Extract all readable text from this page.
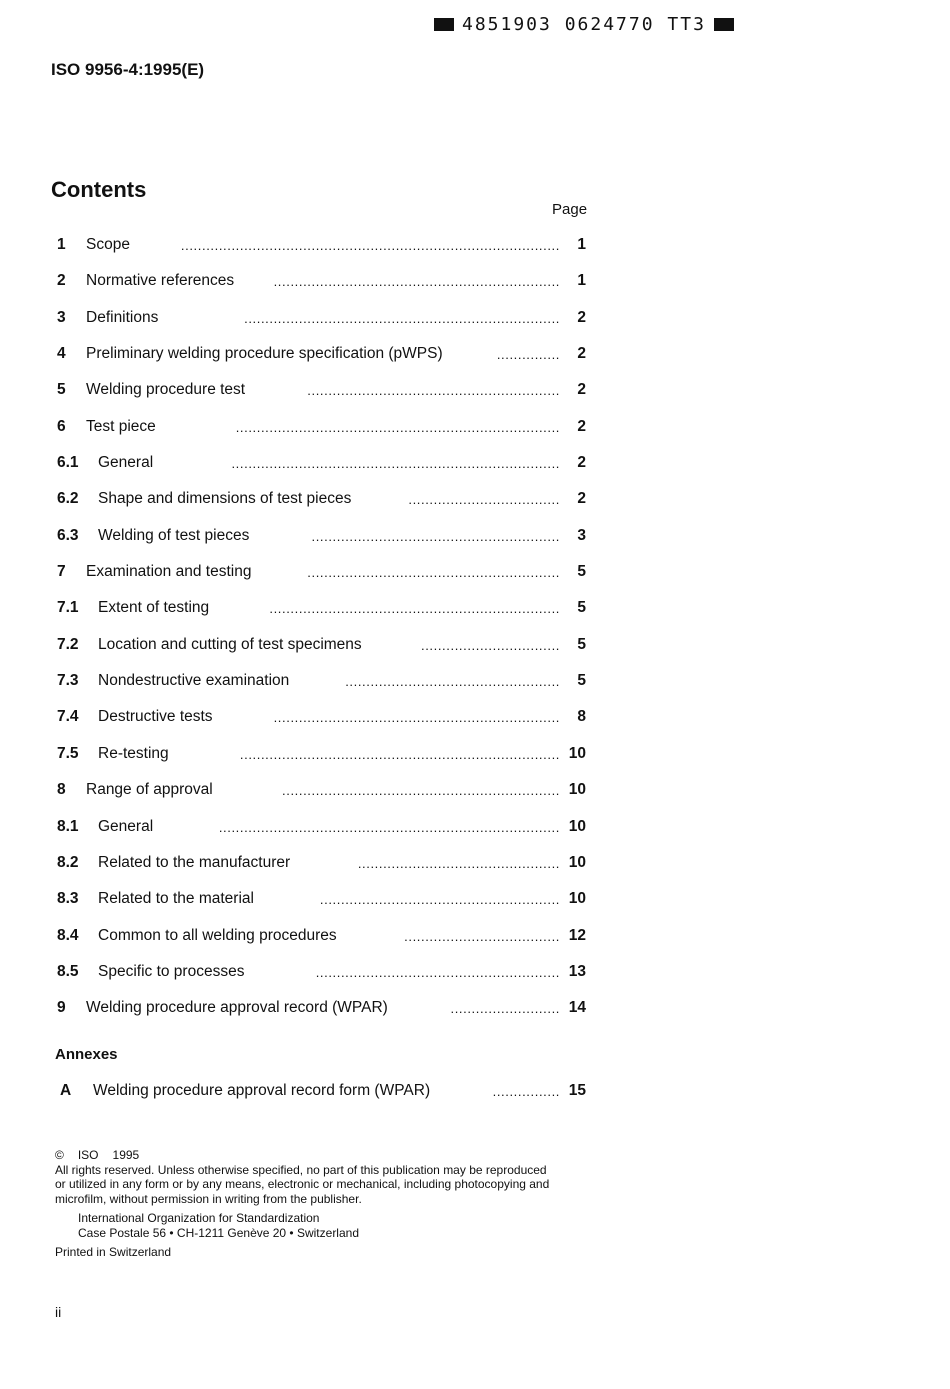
4851903 0624770 TT3
ISO 9956-4:1995(E)
Contents
Page
1 Scope	..........................................................................................	1
2 Normative references	....................................................................	1
3 Definitions	...........................................................................	2
4 Preliminary welding procedure specification (pWPS)	...............	2
5 Welding procedure test	............................................................	2
6 Test piece	.............................................................................	2
6.1 General	..............................................................................	2
6.2 Shape and dimensions of test pieces	....................................	2
6.3 Welding of test pieces	...........................................................	3
7 Examination and testing	............................................................	5
7.1 Extent of testing	.....................................................................	5
7.2 Location and cutting of test specimens	.................................	5
7.3 Nondestructive examination	...................................................	5
7.4 Destructive tests	....................................................................	8
7.5 Re-testing	............................................................................ 10
8 Range of approval	.................................................................. 10
8.1 General	................................................................................. 10
8.2 Related to the manufacturer	................................................ 10
8.3 Related to the material	......................................................... 10
8.4 Common to all welding procedures	..................................... 12
8.5 Specific to processes	.......................................................... 13
9 Welding procedure approval record (WPAR)	.......................... 14
Annexes
A Welding procedure approval record form (WPAR)	................ 15

© ISO 1995

All rights reserved. Unless otherwise specified, no part of this publication may be reproduced

or utilized in any form or by any means, electronic or mechanical, including photocopying and

microfilm, without permission in writing from the publisher.

International Organization for Standardization

Case Postale 56 • CH-1211 Genève 20 • Switzerland

Printed in Switzerland

ii
